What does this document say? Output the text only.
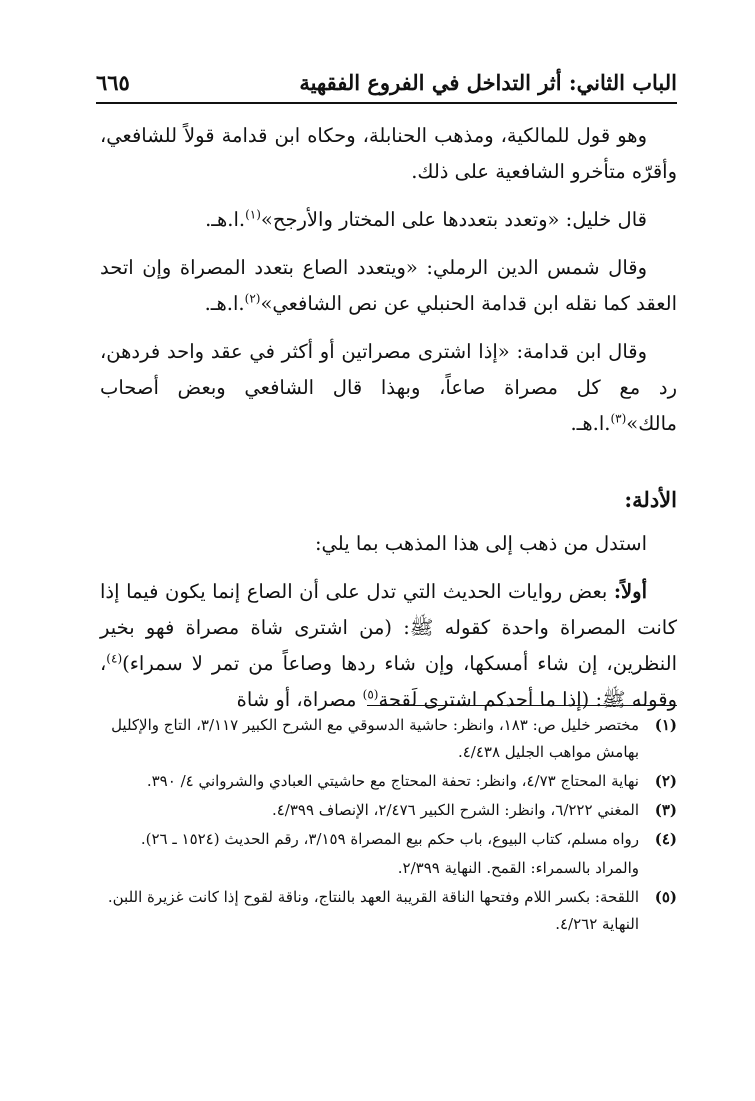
الباب الثاني: أثر التداخل في الفروع الفقهية
٦٦٥

وهو قول للمالكية، ومذهب الحنابلة، وحكاه ابن قدامة قولاً للشافعي، وأقرّه متأخرو الشافعية على ذلك.

قال خليل: «وتعدد بتعددها على المختار والأرجح»$^{(١)}$.ا.هـ.

وقال شمس الدين الرملي: «ويتعدد الصاع بتعدد المصراة وإن اتحد العقد كما نقله ابن قدامة الحنبلي عن نص الشافعي»$^{(٢)}$.ا.هـ.

وقال ابن قدامة: «إذا اشترى مصراتين أو أكثر في عقد واحد فردهن، رد مع كل مصراة صاعاً، وبهذا قال الشافعي وبعض أصحاب مالك»$^{(٣)}$.ا.هـ.

الأدلة:

استدل من ذهب إلى هذا المذهب بما يلي:

أولاً: بعض روايات الحديث التي تدل على أن الصاع إنما يكون فيما إذا كانت المصراة واحدة كقوله ﷺ: (من اشترى شاة مصراة فهو بخير النظرين، إن شاء أمسكها، وإن شاء ردها وصاعاً من تمر لا سمراء)$^{(٤)}$، وقوله ﷺ: (إذا ما أحدكم اشترى لَقحة$^{(٥)}$ مصراة، أو شاة

(١)
مختصر خليل ص: ١٨٣، وانظر: حاشية الدسوقي مع الشرح الكبير ٣/١١٧، التاج والإكليل بهامش مواهب الجليل ٤/٤٣٨.
(٢)
نهاية المحتاج ٤/٧٣، وانظر: تحفة المحتاج مع حاشيتي العبادي والشرواني ٤/ ٣٩٠.
(٣)
المغني ٦/٢٢٢، وانظر: الشرح الكبير ٢/٤٧٦، الإنصاف ٤/٣٩٩.
(٤)
رواه مسلم، كتاب البيوع، باب حكم بيع المصراة ٣/١٥٩، رقم الحديث (١٥٢٤ ـ ٢٦).
والمراد بالسمراء: القمح. النهاية ٢/٣٩٩.
(٥)
اللقحة: بكسر اللام وفتحها الناقة القريبة العهد بالنتاج، وناقة لقوح إذا كانت غزيرة اللبن. النهاية ٤/٢٦٢.
